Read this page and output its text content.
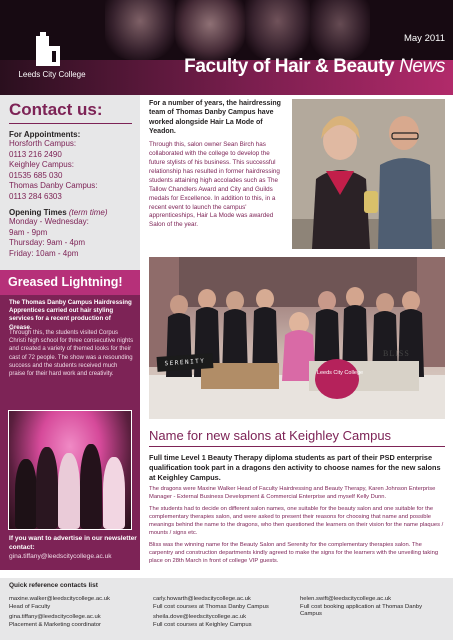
Leeds City College
May 2011
Faculty of Hair & Beauty News
Contact us:
For Appointments:
Horsforth Campus:
0113 216 2490
Keighley Campus:
01535 685 030
Thomas Danby Campus:
0113 284 6303
Opening Times (term time)
Monday - Wednesday:
9am - 9pm
Thursday: 9am - 4pm
Friday: 10am - 4pm
Greased Lightning!
The Thomas Danby Campus Hairdressing Apprentices carried out hair styling services for a recent production of Grease.
Through this, the students visited Corpus Christi high school for three consecutive nights and created a variety of themed looks for their cast of 72 people. The show was a resounding success and the students received much praise for their hard work and creativity.
If you want to advertise in our newsletter contact:
gina.tiffany@leedscitycollege.ac.uk
For a number of years, the hairdressing team of Thomas Danby Campus have worked alongside Hair La Mode of Yeadon.
Through this, salon owner Sean Birch has collaborated with the college to develop the future stylists of his business. This successful relationship has resulted in former hairdressing students attaining high accolades such as The Tallow Chandlers Award and City and Guilds medals for Excellence. In addition to this, in a recent event to launch the campus' apprenticeships, Hair La Mode was awarded Salon of the year.
SERENITY
BLISS
Leeds City College
Name for new salons at Keighley Campus
Full time Level 1 Beauty Therapy diploma students as part of their PSD enterprise qualification took part in a dragons den activity to choose names for the new salons at Keighley Campus.
The dragons were Maxine Walker Head of Faculty Hairdressing and Beauty Therapy, Karen Johnson Enterprise Manager - External Business Development & Commercial Enterprise and myself Kelly Dunn.
The students had to decide on different salon names, one suitable for the beauty salon and one suitable for the complementary therapies salon, and were asked to present their reasons for choosing that name and possible meanings behind the name to the dragons, who then questioned the learners on their vision for the name plaques / mounts / signs etc.
Bliss was the winning name for the Beauty Salon and Serenity for the complementary therapies salon. The carpentry and construction departments kindly agreed to make the signs for the learners with the unveiling taking place on 28th March in front of college VIP guests.
Quick reference contacts list
maxine.walker@leedscitycollege.ac.uk
Head of Faculty
gina.tiffany@leedscitycollege.ac.uk
Placement & Marketing coordinator
carly.howarth@leedscitycollege.ac.uk
Full cost courses at Thomas Danby Campus
sheila.dove@leedscitycollege.ac.uk
Full cost courses at Keighley Campus
helen.swift@leedscitycollege.ac.uk
Full cost booking application at Thomas Danby Campus
